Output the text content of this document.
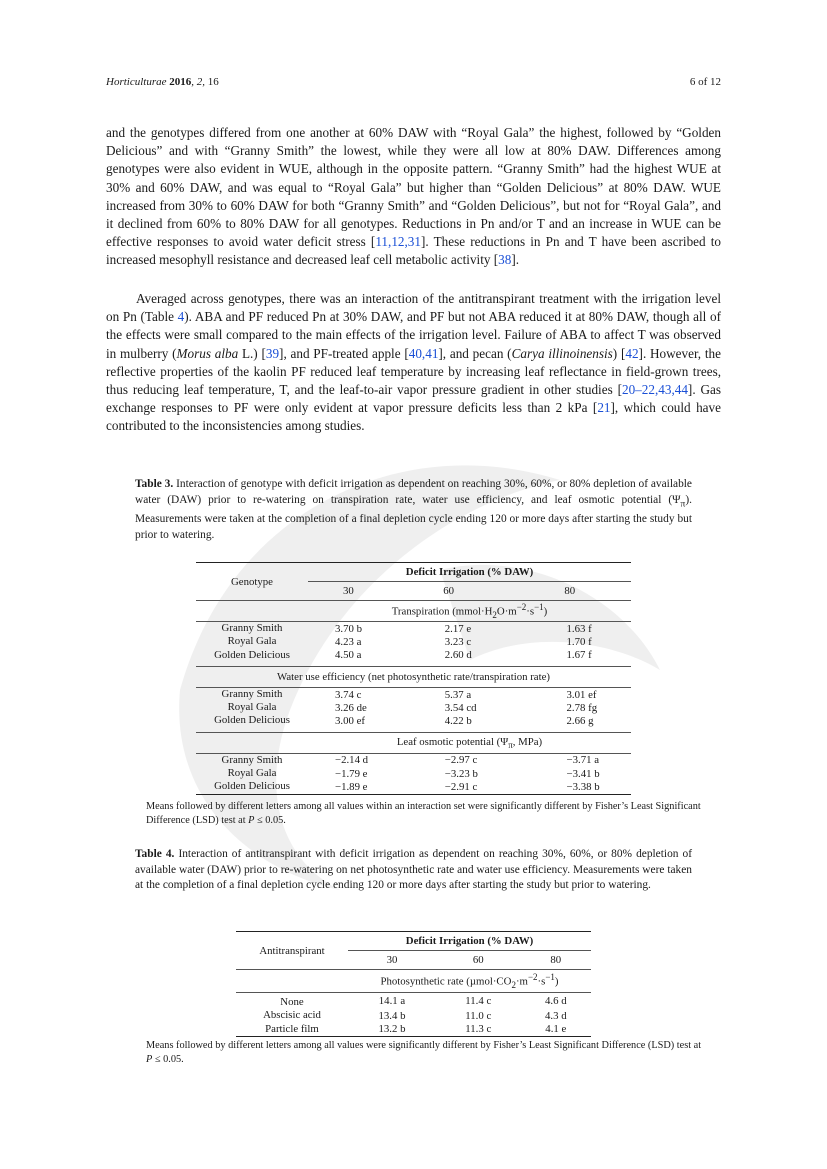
Horticulturae 2016, 2, 16	6 of 12

and the genotypes differed from one another at 60% DAW with “Royal Gala” the highest, followed by “Golden Delicious” and with “Granny Smith” the lowest, while they were all low at 80% DAW. Differences among genotypes were also evident in WUE, although in the opposite pattern. “Granny Smith” had the highest WUE at 30% and 60% DAW, and was equal to “Royal Gala” but higher than “Golden Delicious” at 80% DAW. WUE increased from 30% to 60% DAW for both “Granny Smith” and “Golden Delicious”, but not for “Royal Gala”, and it declined from 60% to 80% DAW for all genotypes. Reductions in Pn and/or T and an increase in WUE can be effective responses to avoid water deficit stress [11,12,31]. These reductions in Pn and T have been ascribed to increased mesophyll resistance and decreased leaf cell metabolic activity [38].

Averaged across genotypes, there was an interaction of the antitranspirant treatment with the irrigation level on Pn (Table 4). ABA and PF reduced Pn at 30% DAW, and PF but not ABA reduced it at 80% DAW, though all of the effects were small compared to the main effects of the irrigation level. Failure of ABA to affect T was observed in mulberry (Morus alba L.) [39], and PF-treated apple [40,41], and pecan (Carya illinoinensis) [42]. However, the reflective properties of the kaolin PF reduced leaf temperature by increasing leaf reflectance in field-grown trees, thus reducing leaf temperature, T, and the leaf-to-air vapor pressure gradient in other studies [20–22,43,44]. Gas exchange responses to PF were only evident at vapor pressure deficits less than 2 kPa [21], which could have contributed to the inconsistencies among studies.

Table 3. Interaction of genotype with deficit irrigation as dependent on reaching 30%, 60%, or 80% depletion of available water (DAW) prior to re-watering on transpiration rate, water use efficiency, and leaf osmotic potential $(\Psi_\pi)$. Measurements were taken at the completion of a final depletion cycle ending 120 or more days after starting the study but prior to watering.
Genotype	Deficit Irrigation (% DAW)		
	30	60	80
	Transpiration $(mmol\cdot H_2O\cdot m^{-2}\cdot s^{-1})$		
Granny Smith	3.70 b	2.17 e	1.63 f
Royal Gala	4.23 a	3.23 c	1.70 f
Golden Delicious	4.50 a	2.60 d	1.67 f

Water use efficiency (net photosynthetic rate/transpiration rate)			
Granny Smith	3.74 c	5.37 a	3.01 ef
Royal Gala	3.26 de	3.54 cd	2.78 fg
Golden Delicious	3.00 ef	4.22 b	2.66 g

	Leaf osmotic potential ($\Psi_\pi$, MPa)		
Granny Smith	−2.14 d	−2.97 c	−3.71 a
Royal Gala	−1.79 e	−3.23 b	−3.41 b
Golden Delicious	−1.89 e	−2.91 c	−3.38 b
Means followed by different letters among all values within an interaction set were significantly different by Fisher’s Least Significant Difference (LSD) test at P ≤ 0.05.
Table 4. Interaction of antitranspirant with deficit irrigation as dependent on reaching 30%, 60%, or 80% depletion of available water (DAW) prior to re-watering on net photosynthetic rate and water use efficiency. Measurements were taken at the completion of a final depletion cycle ending 120 or more days after starting the study but prior to watering.
Antitranspirant	Deficit Irrigation (% DAW)		
	30	60	80
	Photosynthetic rate $(\mu mol\cdot CO_2\cdot m^{-2}\cdot s^{-1})$		
None	14.1 a	11.4 c	4.6 d
Abscisic acid	13.4 b	11.0 c	4.3 d
Particle film	13.2 b	11.3 c	4.1 e
Means followed by different letters among all values were significantly different by Fisher’s Least Significant Difference (LSD) test at P ≤ 0.05.
